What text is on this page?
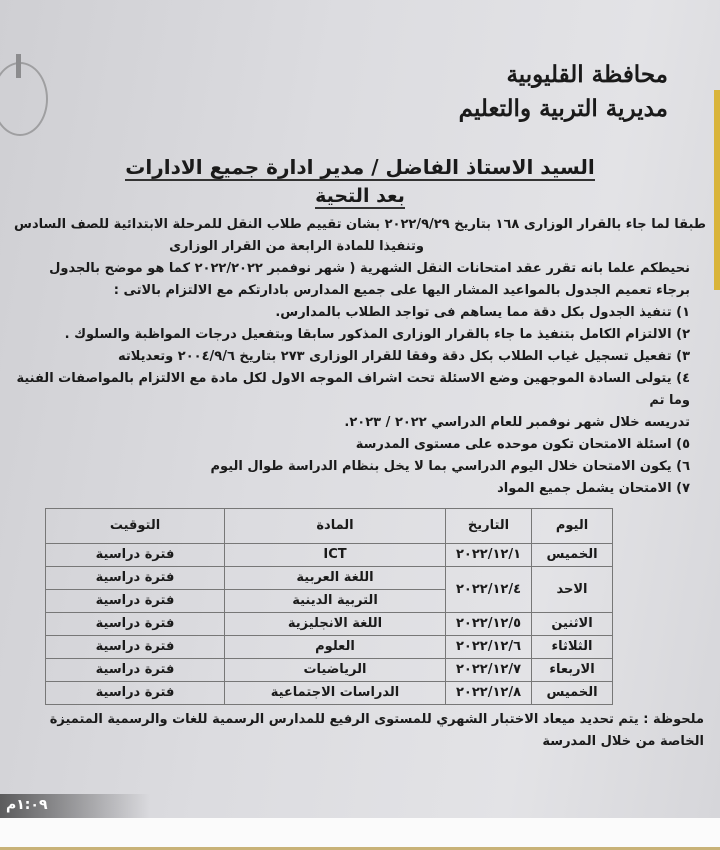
محافظة القليوبية
مديرية التربية والتعليم
السيد الاستاذ الفاضل / مدير ادارة جميع الادارات
بعد التحية
طبقا لما جاء بالقرار الوزارى ١٦٨ بتاريخ ٢٠٢٢/٩/٢٩ بشان تقييم طلاب النقل للمرحلة الابتدائية للصف السادس
وتنفيذا للمادة الرابعة من القرار الوزارى
نحيطكم علما بانه تقرر عقد امتحانات النقل الشهرية ( شهر نوفمبر ٢٠٢٢/٢٠٢٢ كما هو موضح بالجدول
برجاء تعميم الجدول بالمواعيد المشار اليها على جميع المدارس بادارتكم مع الالتزام بالاتى :
١) تنفيذ الجدول بكل دقة مما يساهم فى تواجد الطلاب بالمدارس.
٢) الالتزام الكامل بتنفيذ ما جاء بالقرار الوزارى المذكور سابقا وبتفعيل درجات المواظبة والسلوك .
٣) تفعيل تسجيل غياب الطلاب بكل دقة وفقا للقرار الوزارى ٢٧٣ بتاريخ ٢٠٠٤/٩/٦ وتعديلاته
٤) يتولى السادة الموجهين وضع الاسئلة تحت اشراف الموجه الاول لكل مادة مع الالتزام بالمواصفات الفنية وما تم
تدريسه خلال شهر نوفمبر للعام الدراسي ٢٠٢٢ / ٢٠٢٣.
٥) اسئلة الامتحان تكون موحده على مستوى المدرسة
٦) يكون الامتحان خلال اليوم الدراسي بما لا يخل بنظام الدراسة طوال اليوم
٧) الامتحان يشمل جميع المواد
اليوم	التاريخ	المادة	التوقيت
الخميس	٢٠٢٢/١٢/١	ICT	فترة دراسية
الاحد	٢٠٢٢/١٢/٤	اللغة العربية	فترة دراسية
		التربية الدينية	فترة دراسية
الاثنين	٢٠٢٢/١٢/٥	اللغة الانجليزية	فترة دراسية
الثلاثاء	٢٠٢٢/١٢/٦	العلوم	فترة دراسية
الاربعاء	٢٠٢٢/١٢/٧	الرياضيات	فترة دراسية
الخميس	٢٠٢٢/١٢/٨	الدراسات الاجتماعية	فترة دراسية
ملحوظة : يتم تحديد ميعاد الاختبار الشهري للمستوى الرفيع للمدارس الرسمية للغات والرسمية المتميزة
الخاصة من خلال المدرسة
١:٠٩م
